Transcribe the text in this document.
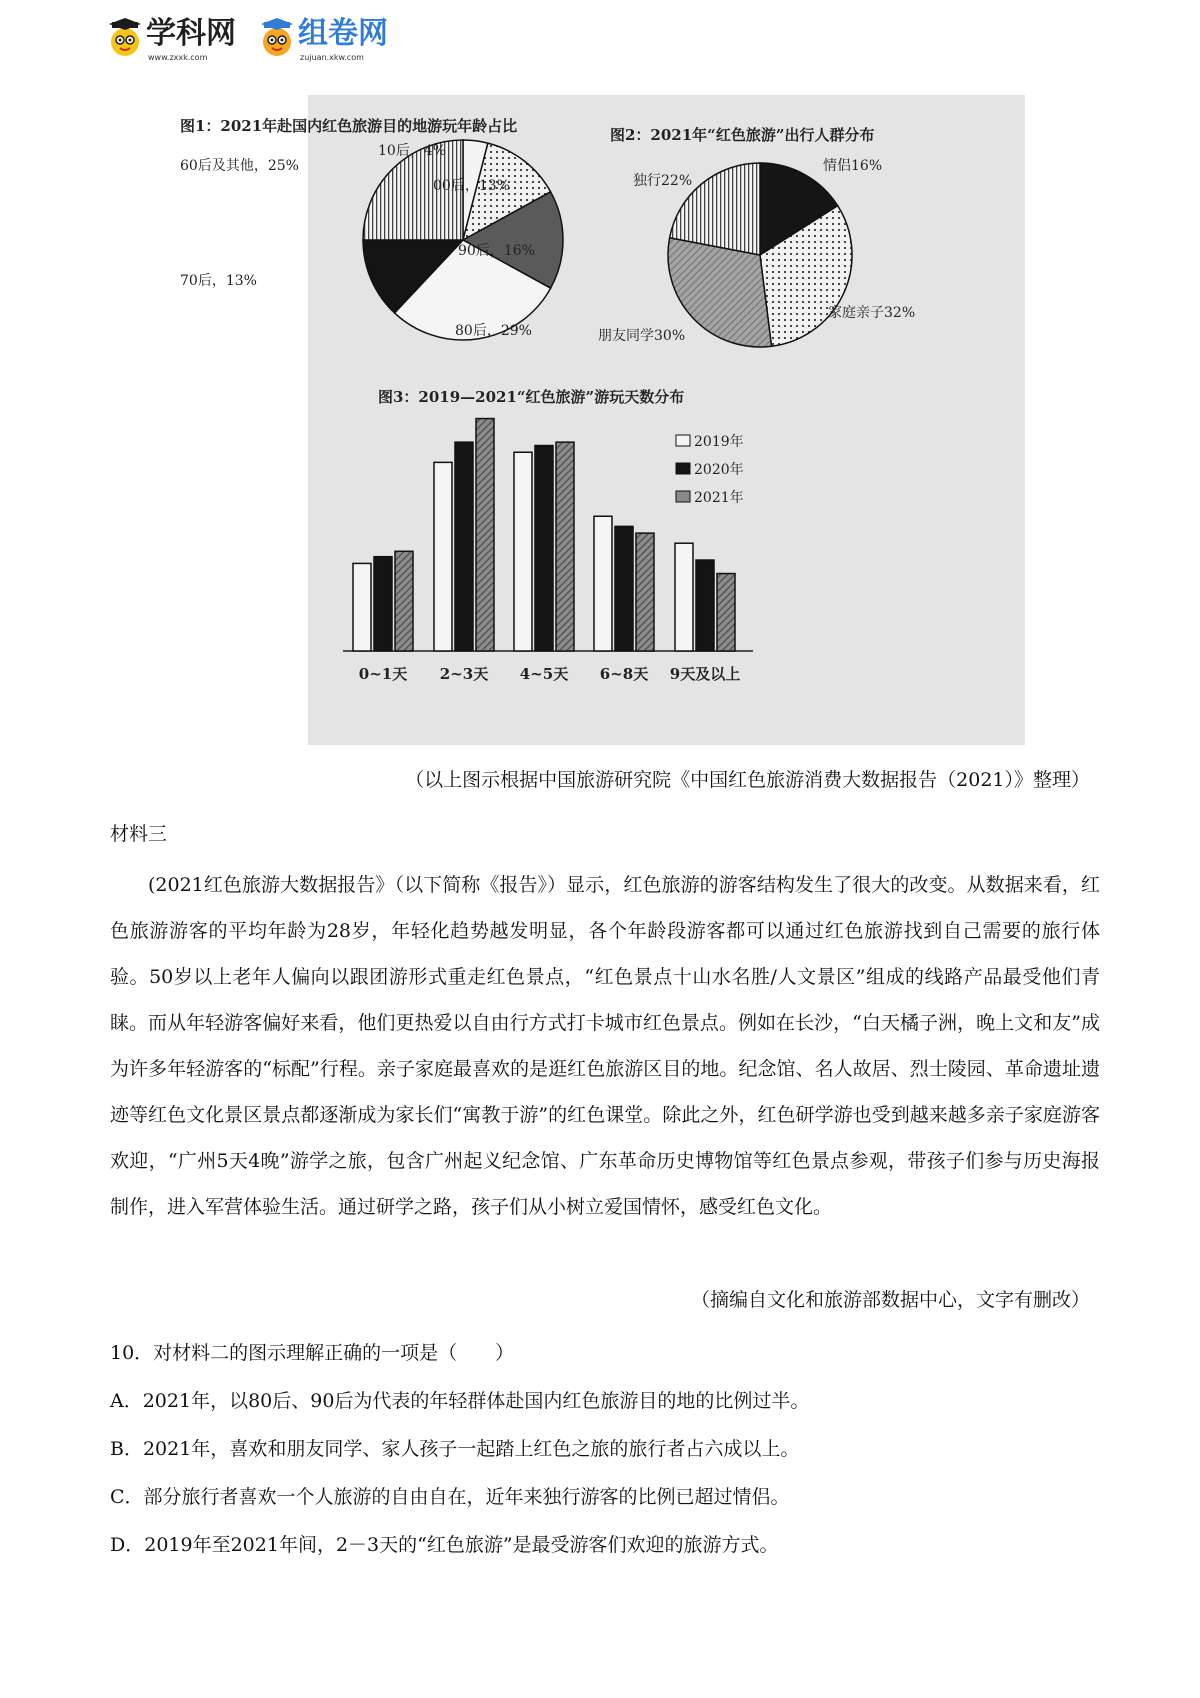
学科网
www.zxxk.com
组卷网
zujuan.xkw.com
图1：2021年赴国内红色旅游目的地游玩年龄占比
10后，4%
00后，13%
90后，16%
80后，29%
70后，13%
60后及其他，25%
图2：2021年“红色旅游”出行人群分布
情侣16%
家庭亲子32%
朋友同学30%
独行22%
图3：2019—2021“红色旅游”游玩天数分布
0~1天 2~3天 4~5天 6~8天 9天及以上
2019年
2020年
2021年
（以上图示根据中国旅游研究院《中国红色旅游消费大数据报告（2021）》整理）
材料三

(2021红色旅游大数据报告》（以下简称《报告》）显示，红色旅游的游客结构发生了很大的改变。从数据来看，红色旅游游客的平均年龄为28岁，年轻化趋势越发明显，各个年龄段游客都可以通过红色旅游找到自己需要的旅行体验。50岁以上老年人偏向以跟团游形式重走红色景点，“红色景点十山水名胜/人文景区”组成的线路产品最受他们青睐。而从年轻游客偏好来看，他们更热爱以自由行方式打卡城市红色景点。例如在长沙，“白天橘子洲，晚上文和友”成为许多年轻游客的“标配”行程。亲子家庭最喜欢的是逛红色旅游区目的地。纪念馆、名人故居、烈士陵园、革命遗址遗迹等红色文化景区景点都逐渐成为家长们“寓教于游”的红色课堂。除此之外，红色研学游也受到越来越多亲子家庭游客欢迎，“广州5天4晚”游学之旅，包含广州起义纪念馆、广东革命历史博物馆等红色景点参观，带孩子们参与历史海报制作，进入军营体验生活。通过研学之路，孩子们从小树立爱国情怀，感受红色文化。

（摘编自文化和旅游部数据中心，文字有删改）
10．对材料二的图示理解正确的一项是（　　）
A．2021年，以80后、90后为代表的年轻群体赴国内红色旅游目的地的比例过半。
B．2021年，喜欢和朋友同学、家人孩子一起踏上红色之旅的旅行者占六成以上。
C．部分旅行者喜欢一个人旅游的自由自在，近年来独行游客的比例已超过情侣。
D．2019年至2021年间，2－3天的“红色旅游”是最受游客们欢迎的旅游方式。
